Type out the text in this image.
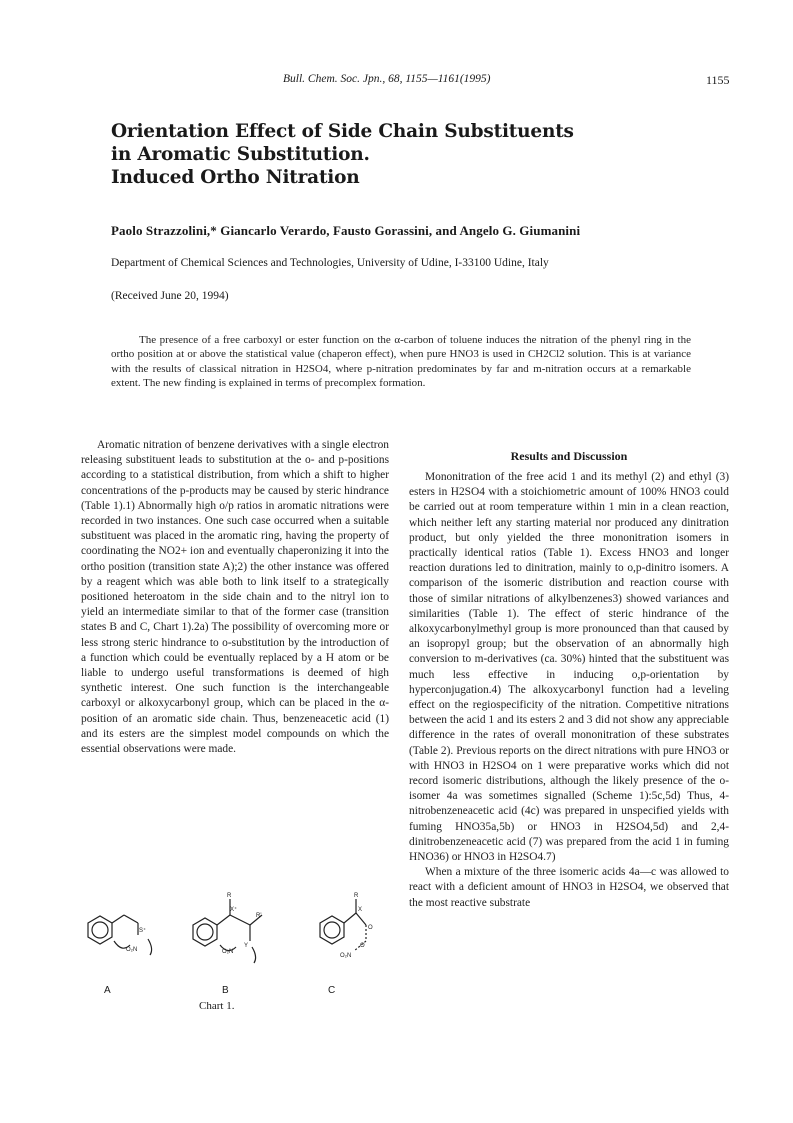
Bull. Chem. Soc. Jpn., 68, 1155—1161(1995)	1155
Orientation Effect of Side Chain Substituents
in Aromatic Substitution.
Induced Ortho Nitration
Paolo Strazzolini,* Giancarlo Verardo, Fausto Gorassini, and Angelo G. Giumanini
Department of Chemical Sciences and Technologies, University of Udine, I-33100 Udine, Italy
(Received June 20, 1994)
The presence of a free carboxyl or ester function on the α-carbon of toluene induces the nitration of the phenyl ring in the ortho position at or above the statistical value (chaperon effect), when pure HNO3 is used in CH2Cl2 solution. This is at variance with the results of classical nitration in H2SO4, where p-nitration predominates by far and m-nitration occurs at a remarkable extent. The new finding is explained in terms of precomplex formation.

Aromatic nitration of benzene derivatives with a single electron releasing substituent leads to substitution at the o- and p-positions according to a statistical distribution, from which a shift to higher concentrations of the p-products may be caused by steric hindrance (Table 1).1) Abnormally high o/p ratios in aromatic nitrations were recorded in two instances. One such case occurred when a suitable substituent was placed in the aromatic ring, having the property of coordinating the NO2+ ion and eventually chaperonizing it into the ortho position (transition state A);2) the other instance was offered by a reagent which was able both to link itself to a strategically positioned heteroatom in the side chain and to the nitryl ion to yield an intermediate similar to that of the former case (transition states B and C, Chart 1).2a) The possibility of overcoming more or less strong steric hindrance to o-substitution by the introduction of a function which could be eventually replaced by a H atom or be liable to undergo useful transformations is deemed of high synthetic interest. One such function is the interchangeable carboxyl or alkoxycarbonyl group, which can be placed in the α-position of an aromatic side chain. Thus, benzeneacetic acid (1) and its esters are the simplest model compounds on which the essential observations were made.

Results and Discussion

Mononitration of the free acid 1 and its methyl (2) and ethyl (3) esters in H2SO4 with a stoichiometric amount of 100% HNO3 could be carried out at room temperature within 1 min in a clean reaction, which neither left any starting material nor produced any dinitration product, but only yielded the three mononitration isomers in practically identical ratios (Table 1). Excess HNO3 and longer reaction durations led to dinitration, mainly to o,p-dinitro isomers. A comparison of the isomeric distribution and reaction course with those of similar nitrations of alkylbenzenes3) showed variances and similarities (Table 1). The effect of steric hindrance of the alkoxycarbonylmethyl group is more pronounced than that caused by an isopropyl group; but the observation of an abnormally high conversion to m-derivatives (ca. 30%) hinted that the substituent was much less effective in inducing o,p-orientation by hyperconjugation.4) The alkoxycarbonyl function had a leveling effect on the regiospecificity of the nitration. Competitive nitrations between the acid 1 and its esters 2 and 3 did not show any appreciable difference in the rates of overall mononitration of these substrates (Table 2). Previous reports on the direct nitrations with pure HNO3 or with HNO3 in H2SO4 on 1 were preparative works which did not record isomeric distributions, although the likely presence of the o-isomer 4a was sometimes signalled (Scheme 1):5c,5d) Thus, 4-nitrobenzeneacetic acid (4c) was prepared in unspecified yields with fuming HNO35a,5b) or HNO3 in H2SO4,5d) and 2,4-dinitrobenzeneacetic acid (7) was prepared from the acid 1 in fuming HNO36) or HNO3 in H2SO4.7)

When a mixture of the three isomeric acids 4a—c was allowed to react with a deficient amount of HNO3 in H2SO4, we observed that the most reactive substrate

S⁺
O₂N
R
X⁺
R'
Y
O₂N
R
X
O
O
O₂N
A	B	C
Chart 1.
